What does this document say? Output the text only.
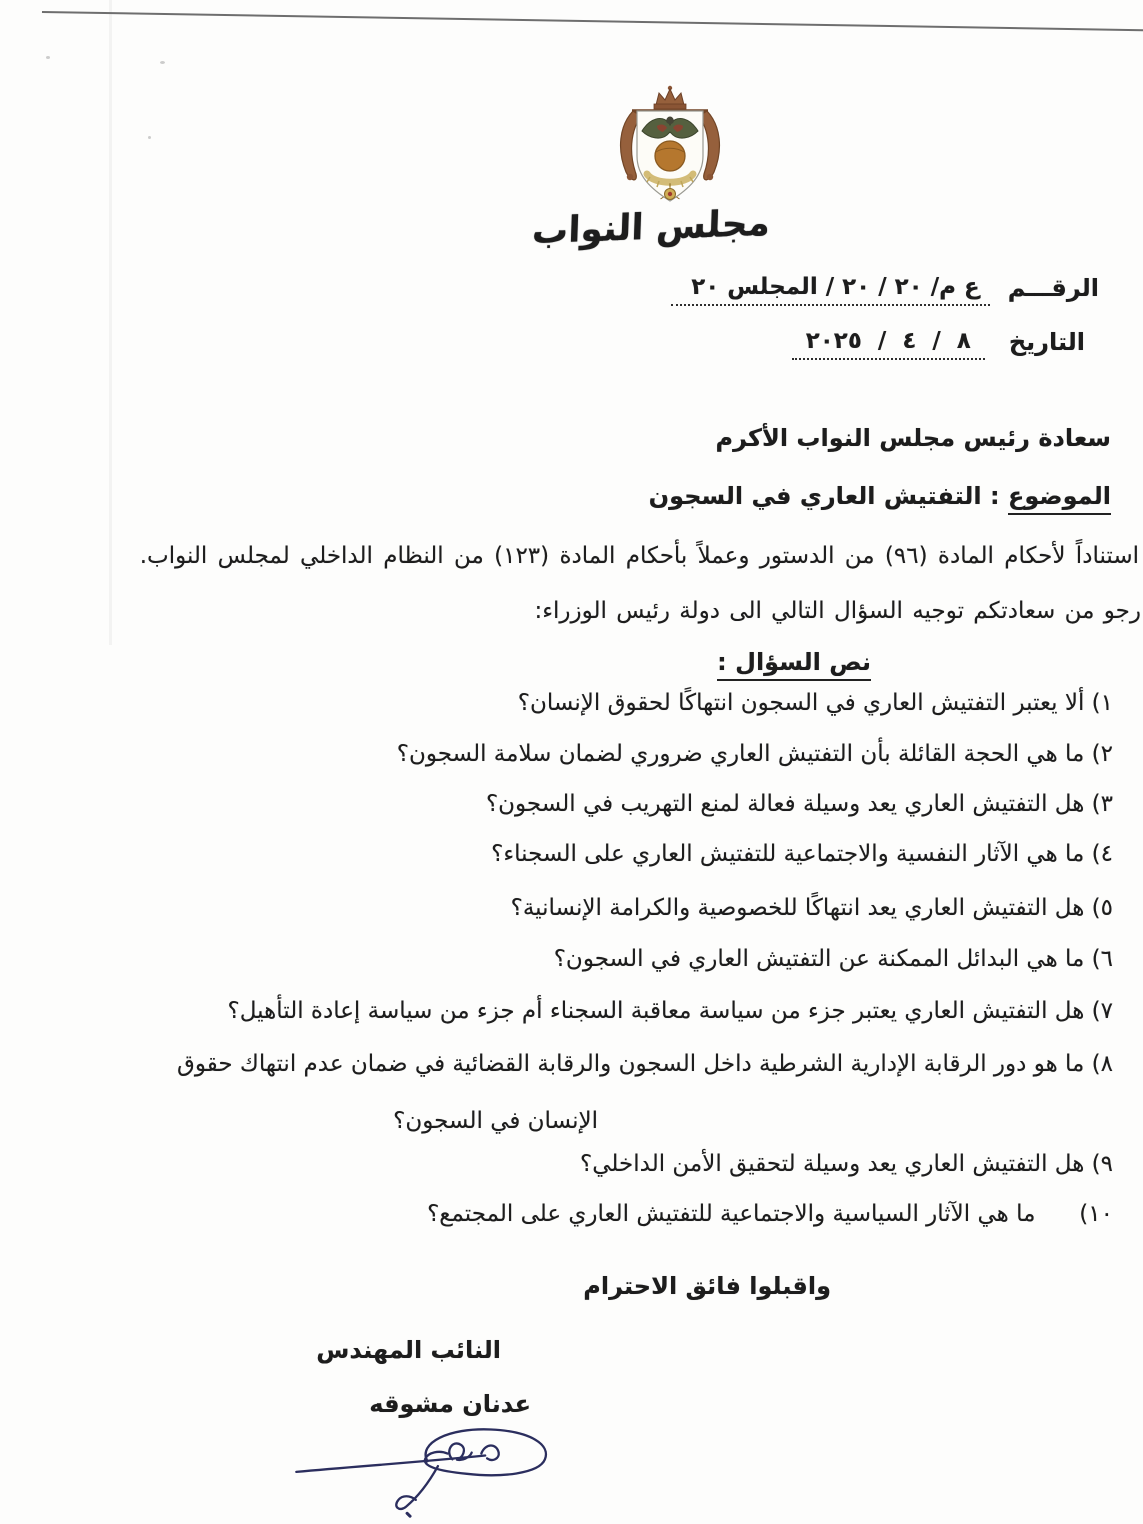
مجلس النواب
الرقـــم
ع م/ ٢٠ / ٢٠ / المجلس ٢٠
التاريخ
٨ / ٤ / ٢٠٢٥
سعادة رئيس مجلس النواب الأكرم
الموضوع : التفتيش العاري في السجون
استناداً لأحكام المادة (٩٦) من الدستور وعملاً بأحكام المادة (١٢٣) من النظام الداخلي لمجلس النواب.
رجو من سعادتكم توجيه السؤال التالي الى دولة رئيس الوزراء:
نص السؤال :
١) ألا يعتبر التفتيش العاري في السجون انتهاكًا لحقوق الإنسان؟
٢) ما هي الحجة القائلة بأن التفتيش العاري ضروري لضمان سلامة السجون؟
٣) هل التفتيش العاري يعد وسيلة فعالة لمنع التهريب في السجون؟
٤) ما هي الآثار النفسية والاجتماعية للتفتيش العاري على السجناء؟
٥) هل التفتيش العاري يعد انتهاكًا للخصوصية والكرامة الإنسانية؟
٦) ما هي البدائل الممكنة عن التفتيش العاري في السجون؟
٧) هل التفتيش العاري يعتبر جزء من سياسة معاقبة السجناء أم جزء من سياسة إعادة التأهيل؟
٨) ما هو دور الرقابة الإدارية الشرطية داخل السجون والرقابة القضائية في ضمان عدم انتهاك حقوق
الإنسان في السجون؟
٩) هل التفتيش العاري يعد وسيلة لتحقيق الأمن الداخلي؟
١٠)      ما هي الآثار السياسية والاجتماعية للتفتيش العاري على المجتمع؟
واقبلوا فائق الاحترام
النائب المهندس
عدنان مشوقه
